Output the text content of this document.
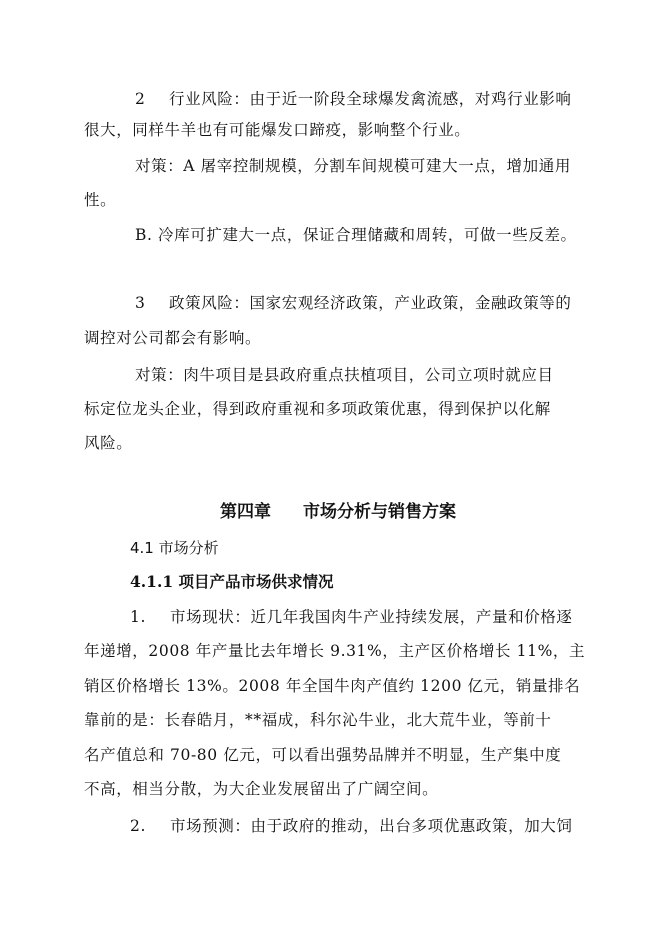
2 行业风险：由于近一阶段全球爆发禽流感，对鸡行业影响
很大，同样牛羊也有可能爆发口蹄疫，影响整个行业。
对策：A 屠宰控制规模，分割车间规模可建大一点，增加通用
性。
B. 冷库可扩建大一点，保证合理储藏和周转，可做一些反差。
3 政策风险：国家宏观经济政策，产业政策，金融政策等的
调控对公司都会有影响。
对策：肉牛项目是县政府重点扶植项目，公司立项时就应目
标定位龙头企业，得到政府重视和多项政策优惠，得到保护以化解
风险。
第四章 市场分析与销售方案
4.1 市场分析
4.1.1 项目产品市场供求情况
1. 市场现状：近几年我国肉牛产业持续发展，产量和价格逐
年递增，2008 年产量比去年增长 9.31%，主产区价格增长 11%，主
销区价格增长 13%。2008 年全国牛肉产值约 1200 亿元，销量排名
靠前的是：长春皓月，**福成，科尔沁牛业，北大荒牛业，等前十
名产值总和 70-80 亿元，可以看出强势品牌并不明显，生产集中度
不高，相当分散，为大企业发展留出了广阔空间。
2. 市场预测：由于政府的推动，出台多项优惠政策，加大饲
